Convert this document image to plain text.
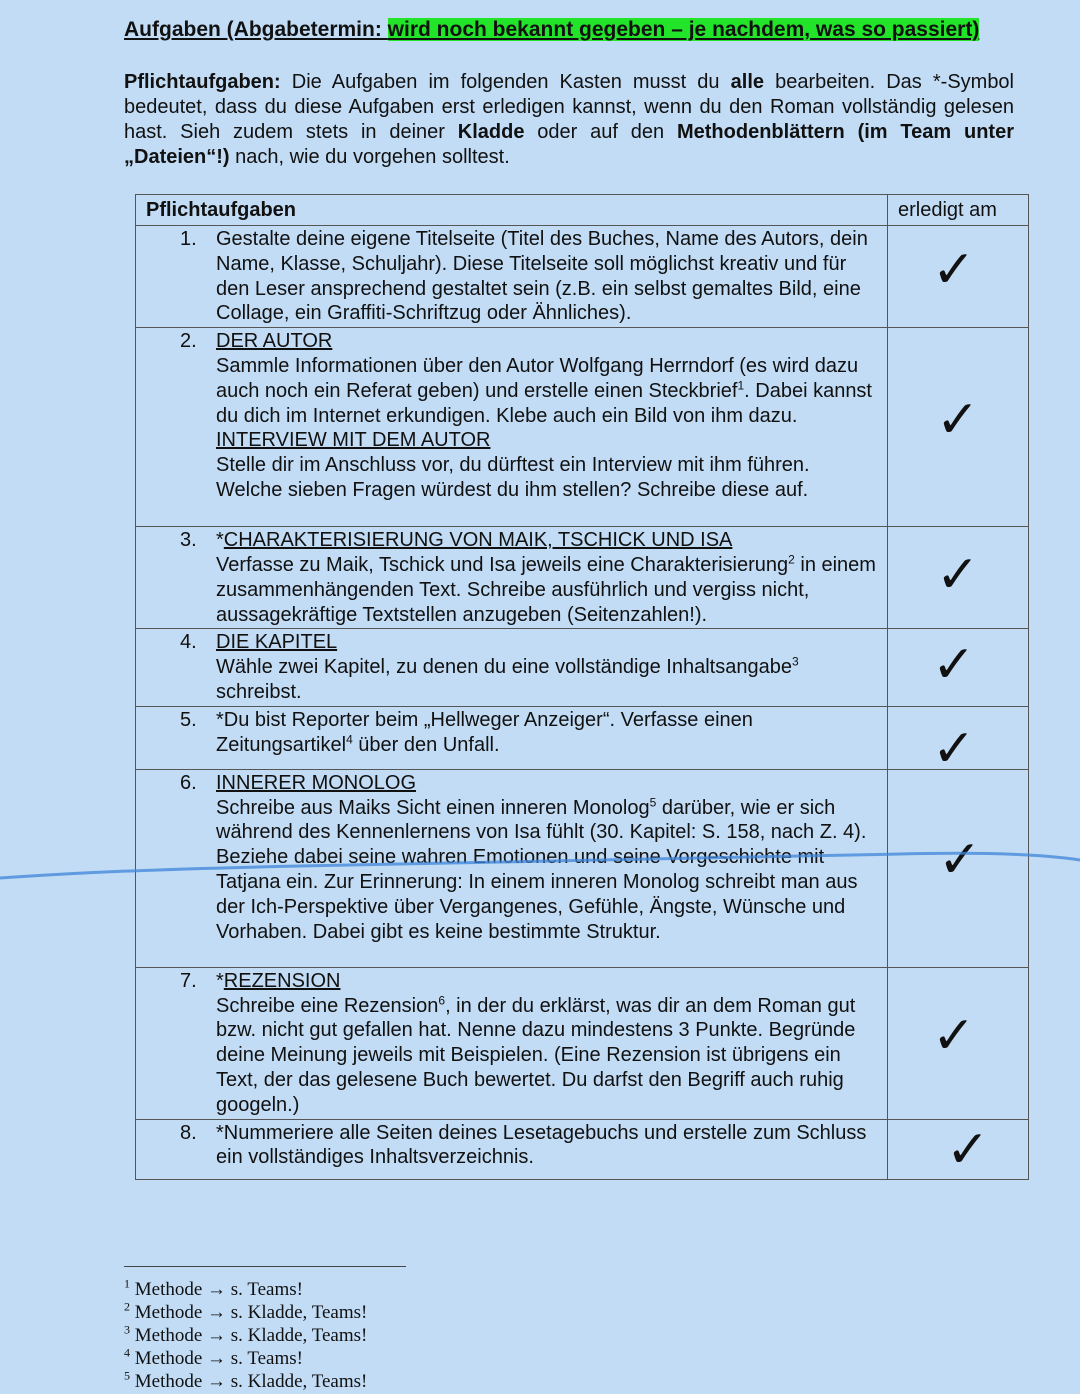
Aufgaben (Abgabetermin: wird noch bekannt gegeben – je nachdem, was so passiert)
Pflichtaufgaben: Die Aufgaben im folgenden Kasten musst du alle bearbeiten. Das *-Symbol bedeutet, dass du diese Aufgaben erst erledigen kannst, wenn du den Roman vollständig gelesen hast. Sieh zudem stets in deiner Kladde oder auf den Methodenblättern (im Team unter „Dateien“!) nach, wie du vorgehen solltest.
Pflichtaufgaben	erledigt am

1. Gestalte deine eigene Titelseite (Titel des Buches, Name des Autors, dein Name, Klasse, Schuljahr). Diese Titelseite soll möglichst kreativ und für den Leser ansprechend gestaltet sein (z.B. ein selbst gemaltes Bild, eine Collage, ein Graffiti-Schriftzug oder Ähnliches).	✓

2. DER AUTOR
Sammle Informationen über den Autor Wolfgang Herrndorf (es wird dazu auch noch ein Referat geben) und erstelle einen Steckbrief$^1$. Dabei kannst du dich im Internet erkundigen. Klebe auch ein Bild von ihm dazu.
INTERVIEW MIT DEM AUTOR
Stelle dir im Anschluss vor, du dürftest ein Interview mit ihm führen. Welche sieben Fragen würdest du ihm stellen? Schreibe diese auf.	✓

3. *CHARAKTERISIERUNG VON MAIK, TSCHICK UND ISA
Verfasse zu Maik, Tschick und Isa jeweils eine Charakterisierung$^2$ in einem zusammenhängenden Text. Schreibe ausführlich und vergiss nicht, aussagekräftige Textstellen anzugeben (Seitenzahlen!).	✓

4. DIE KAPITEL
Wähle zwei Kapitel, zu denen du eine vollständige Inhaltsangabe$^3$ schreibst.	✓

5. *Du bist Reporter beim „Hellweger Anzeiger“. Verfasse einen Zeitungsartikel$^4$ über den Unfall.	✓

6. INNERER MONOLOG
Schreibe aus Maiks Sicht einen inneren Monolog$^5$ darüber, wie er sich während des Kennenlernens von Isa fühlt (30. Kapitel: S. 158, nach Z. 4). Beziehe dabei seine wahren Emotionen und seine Vorgeschichte mit Tatjana ein. Zur Erinnerung: In einem inneren Monolog schreibt man aus der Ich-Perspektive über Vergangenes, Gefühle, Ängste, Wünsche und Vorhaben. Dabei gibt es keine bestimmte Struktur.	✓

7. *REZENSION
Schreibe eine Rezension$^6$, in der du erklärst, was dir an dem Roman gut bzw. nicht gut gefallen hat. Nenne dazu mindestens 3 Punkte. Begründe deine Meinung jeweils mit Beispielen. (Eine Rezension ist übrigens ein Text, der das gelesene Buch bewertet. Du darfst den Begriff auch ruhig googeln.)	✓

8. *Nummeriere alle Seiten deines Lesetagebuchs und erstelle zum Schluss ein vollständiges Inhaltsverzeichnis.	✓
$^1$ Methode → s. Teams!
$^2$ Methode → s. Kladde, Teams!
$^3$ Methode → s. Kladde, Teams!
$^4$ Methode → s. Teams!
$^5$ Methode → s. Kladde, Teams!
